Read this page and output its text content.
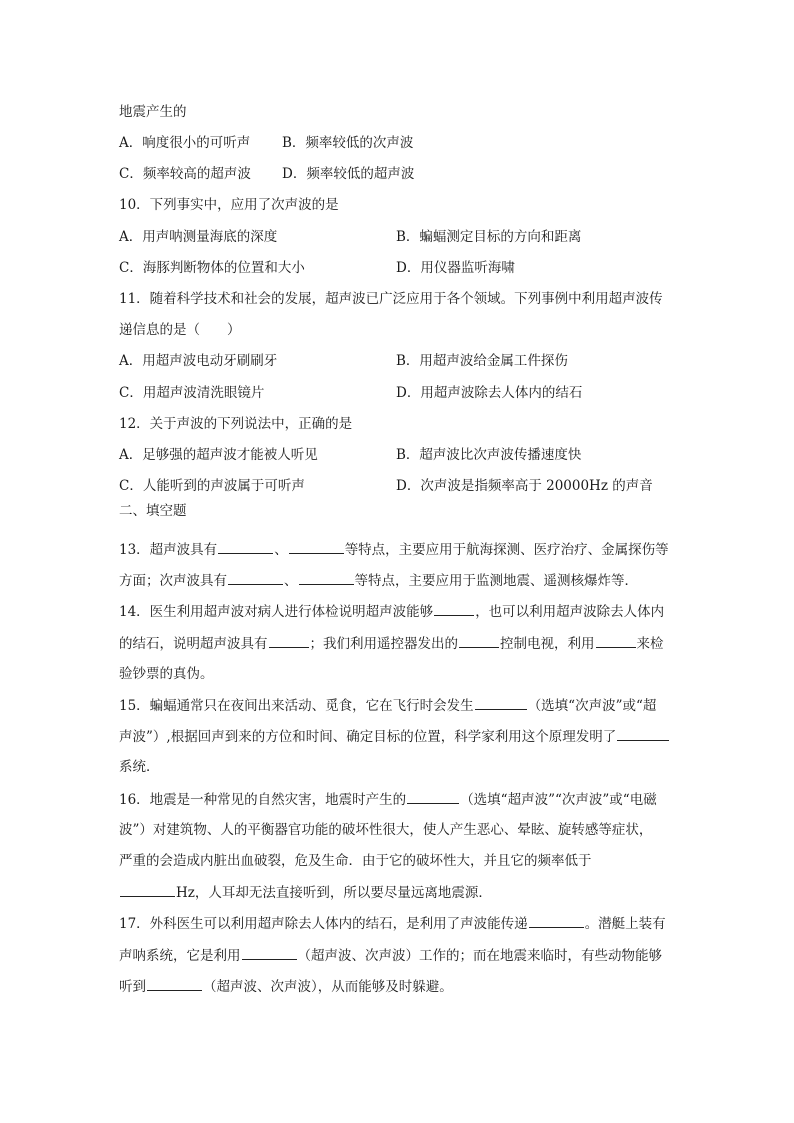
地震产生的
A．响度很小的可听声 B．频率较低的次声波
C．频率较高的超声波 D．频率较低的超声波
10．下列事实中，应用了次声波的是
A．用声呐测量海底的深度	B．蝙蝠测定目标的方向和距离
C．海豚判断物体的位置和大小	D．用仪器监听海啸
11．随着科学技术和社会的发展，超声波已广泛应用于各个领域。下列事例中利用超声波传
递信息的是（　　）
A．用超声波电动牙刷刷牙	B．用超声波给金属工件探伤
C．用超声波清洗眼镜片	D．用超声波除去人体内的结石
12．关于声波的下列说法中，正确的是
A．足够强的超声波才能被人听见	B．超声波比次声波传播速度快
C．人能听到的声波属于可听声	D．次声波是指频率高于 20000Hz 的声音
二、填空题
13．超声波具有	、	等特点，主要应用于航海探测、医疗治疗、金属探伤等
方面；次声波具有	、	等特点，主要应用于监测地震、遥测核爆炸等．
14．医生利用超声波对病人进行体检说明超声波能够	，也可以利用超声波除去人体内
的结石，说明超声波具有	；我们利用遥控器发出的	控制电视，利用	来检
验钞票的真伪。
15．蝙蝠通常只在夜间出来活动、觅食，它在飞行时会发生	（选填“次声波”或“超
声波”）,根据回声到来的方位和时间、确定目标的位置，科学家利用这个原理发明了
系统．
16．地震是一种常见的自然灾害，地震时产生的	（选填“超声波”“次声波”或“电磁
波”）对建筑物、人的平衡器官功能的破坏性很大，使人产生恶心、晕眩、旋转感等症状，
严重的会造成内脏出血破裂，危及生命．由于它的破坏性大，并且它的频率低于
Hz，人耳却无法直接听到，所以要尽量远离地震源．
17．外科医生可以利用超声除去人体内的结石，是利用了声波能传递	。潜艇上装有
声呐系统，它是利用	（超声波、次声波）工作的；而在地震来临时，有些动物能够
听到	（超声波、次声波），从而能够及时躲避。
